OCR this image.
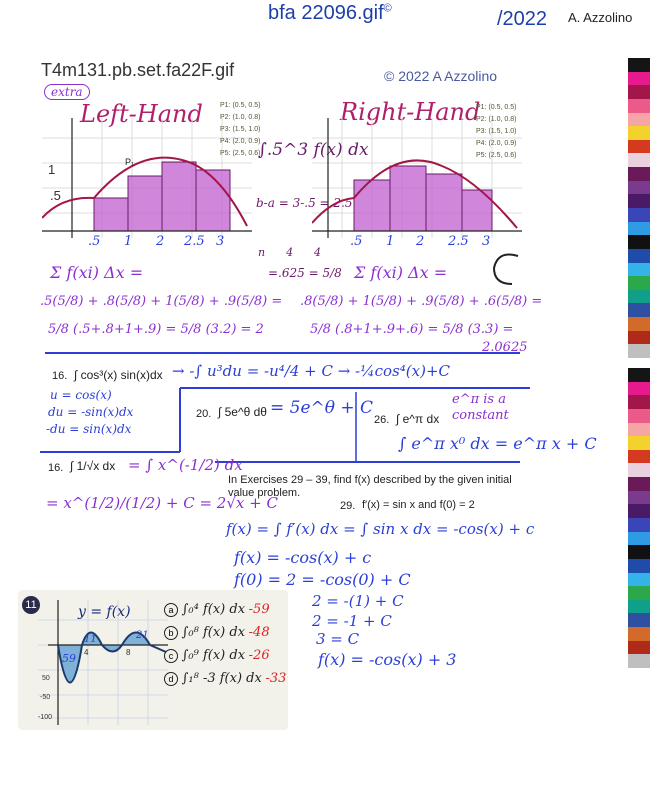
bfa 22096.gif©	/2022 A. Azzolino
T4m131.pb.set.fa22F.gif	© 2022 A Azzolino
extra
Left-Hand
1
.5
P₁
P1: (0.5, 0.5)
P2: (1.0, 0.8)
P3: (1.5, 1.0)
P4: (2.0, 0.9)
P5: (2.5, 0.6)
.5 1 2 2.5 3
∫.5^3 f(x) dx
b-a = 3-.5 = 2.5
n      4      4
=.625 = 5/8
Right-Hand
P1: (0.5, 0.5)
P2: (1.0, 0.8)
P3: (1.5, 1.0)
P4: (2.0, 0.9)
P5: (2.5, 0.6)
.5 1 2 2.5 3
Σ f(xi) Δx =
.5(5/8) + .8(5/8) + 1(5/8) + .9(5/8) =
5/8 (.5+.8+1+.9) = 5/8 (3.2) = 2
Σ f(xi) Δx =
.8(5/8) + 1(5/8) + .9(5/8) + .6(5/8) =
5/8 (.8+1+.9+.6) = 5/8 (3.3) =
2.0625
16. ∫ cos³(x) sin(x)dx → -∫ u³du = -u⁴/4 + C → -¼cos⁴(x)+C
u = cos(x)
du = -sin(x)dx
-du = sin(x)dx
20. ∫ 5e^θ dθ = 5e^θ + C
26. ∫ e^π dx
e^π is a constant
∫ e^π x⁰ dx = e^π x + C
16. ∫ 1/√x dx = ∫ x^(-1/2) dx
= x^(1/2)/(1/2) + C = 2√x + C
In Exercises 29 – 39, find f(x) described by the given initial value problem.
29. f′(x) = sin x and f(0) = 2
f(x) = ∫ f′(x) dx = ∫ sin x dx = -cos(x) + c
f(x) = -cos(x) + c
f(0) = 2 = -cos(0) + C
2 = -(1) + C
2 = -1 + C
3 = C
f(x) = -cos(x) + 3
11	y = f(x)
59
11	21
4	8
50
-50
-100
a ∫₀⁴ f(x) dx -59
b ∫₀⁸ f(x) dx -48
c ∫₀⁹ f(x) dx -26
d ∫₁⁸ -3 f(x) dx -33
